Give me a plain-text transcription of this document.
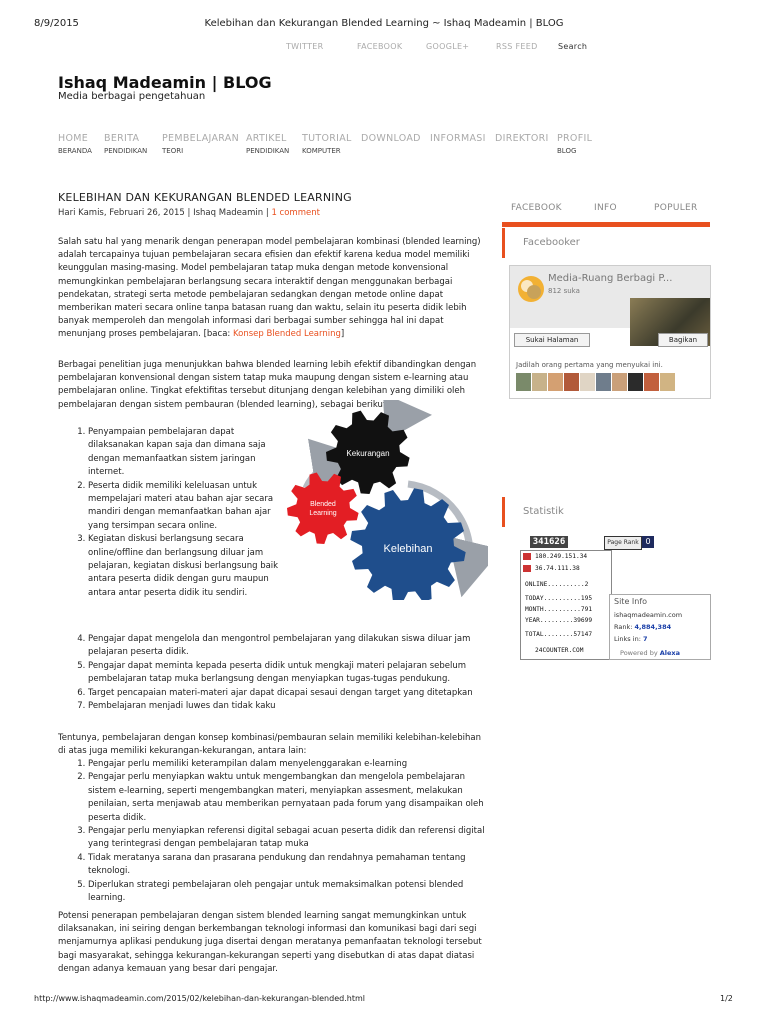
8/9/2015	Kelebihan dan Kekurangan Blended Learning ~ Ishaq Madeamin | BLOG
TWITTER	FACEBOOK	GOOGLE+	RSS FEED	Search
Ishaq Madeamin | BLOG
Media berbagai pengetahuan
HOME
BERANDA
BERITA
PENDIDIKAN
PEMBELAJARAN
TEORI
ARTIKEL
PENDIDIKAN
TUTORIAL
KOMPUTER
DOWNLOAD INFORMASI DIREKTORI PROFIL
BLOG
KELEBIHAN DAN KEKURANGAN BLENDED LEARNING
Hari Kamis, Februari 26, 2015 | Ishaq Madeamin | 1 comment
Salah satu hal yang menarik dengan penerapan model pembelajaran kombinasi (blended learning) adalah tercapainya tujuan pembelajaran secara efisien dan efektif karena kedua model memiliki keunggulan masing-masing. Model pembelajaran tatap muka dengan metode konvensional memungkinkan pembelajaran berlangsung secara interaktif dengan menggunakan berbagai pendekatan, strategi serta metode pembelajaran sedangkan dengan metode online dapat memberikan materi secara online tanpa batasan ruang dan waktu, selain itu peserta didik lebih banyak memperoleh dan mengolah informasi dari berbagai sumber sehingga hal ini dapat menunjang proses pembelajaran. [baca: Konsep Blended Learning]
Berbagai penelitian juga menunjukkan bahwa blended learning lebih efektif dibandingkan dengan pembelajaran konvensional dengan sistem tatap muka maupung dengan sistem e-learning atau pembelajaran online. Tingkat efektifitas tersebut ditunjang dengan kelebihan yang dimiliki oleh pembelajaran dengan sistem pembauran (blended learning), sebagai berikut:
1. Penyampaian pembelajaran dapat dilaksanakan kapan saja dan dimana saja dengan memanfaatkan sistem jaringan internet.
2. Peserta didik memiliki keleluasan untuk mempelajari materi atau bahan ajar secara mandiri dengan memanfaatkan bahan ajar yang tersimpan secara online.
3. Kegiatan diskusi berlangsung secara online/offline dan berlangsung diluar jam pelajaran, kegiatan diskusi berlangsung baik antara peserta didik dengan guru maupun antara antar peserta didik itu sendiri.
4. Pengajar dapat mengelola dan mengontrol pembelajaran yang dilakukan siswa diluar jam pelajaran peserta didik.
5. Pengajar dapat meminta kepada peserta didik untuk mengkaji materi pelajaran sebelum pembelajaran tatap muka berlangsung dengan menyiapkan tugas-tugas pendukung.
6. Target pencapaian materi-materi ajar dapat dicapai sesaui dengan target yang ditetapkan
7. Pembelajaran menjadi luwes dan tidak kaku
Kekurangan
Blended
Learning
Kelebihan
Tentunya, pembelajaran dengan konsep kombinasi/pembauran selain memiliki kelebihan-kelebihan di atas juga memiliki kekurangan-kekurangan, antara lain:
1. Pengajar perlu memiliki keterampilan dalam menyelenggarakan e-learning
2. Pengajar perlu menyiapkan waktu untuk mengembangkan dan mengelola pembelajaran sistem e-learning, seperti mengembangkan materi, menyiapkan assesment, melakukan penilaian, serta menjawab atau memberikan pernyataan pada forum yang disampaikan oleh peserta didik.
3. Pengajar perlu menyiapkan referensi digital sebagai acuan peserta didik dan referensi digital yang terintegrasi dengan pembelajaran tatap muka
4. Tidak meratanya sarana dan prasarana pendukung dan rendahnya pemahaman tentang teknologi.
5. Diperlukan strategi pembelajaran oleh pengajar untuk memaksimalkan potensi blended learning.
Potensi penerapan pembelajaran dengan sistem blended learning sangat memungkinkan untuk dilaksanakan, ini seiring dengan berkembangan teknologi informasi dan komunikasi bagi dari segi menjamurnya aplikasi pendukung juga disertai dengan meratanya pemanfaatan teknologi tersebut bagi masyarakat, sehingga kekurangan-kekurangan seperti yang disebutkan di atas dapat diatasi dengan adanya kemauan yang besar dari pengajar.
FACEBOOK	INFO	POPULER
Facebooker
Media-Ruang Berbagi P...
812 suka
Sukai Halaman	Bagikan
Jadilah orang pertama yang menyukai ini.
Statistik
341626	Page Rank 0
180.249.151.34
36.74.111.38
ONLINE..........2
TODAY..........195
MONTH..........791
YEAR.........39699
TOTAL........57147
24COUNTER.COM
Site Info
ishaqmadeamin.com
Rank: 4,884,384
Links in: 7
Powered by Alexa
http://www.ishaqmadeamin.com/2015/02/kelebihan-dan-kekurangan-blended.html	1/2
